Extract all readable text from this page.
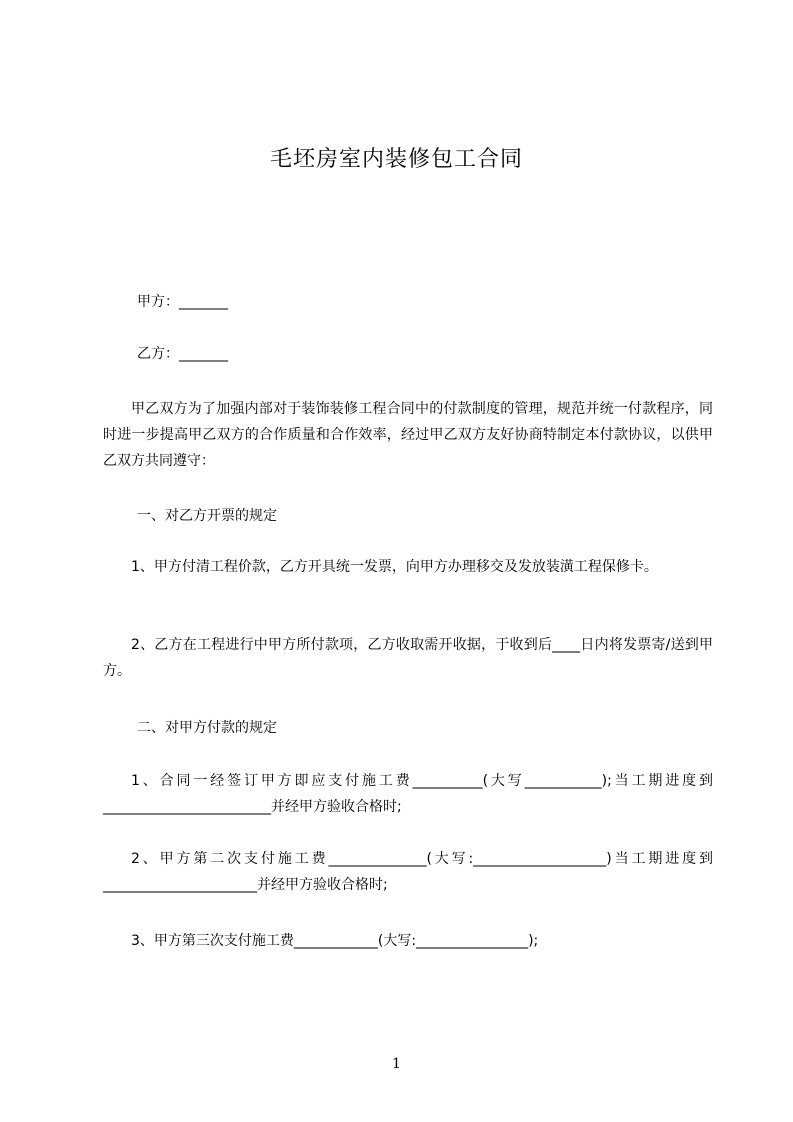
毛坯房室内装修包工合同
甲方：_______
乙方：_______
甲乙双方为了加强内部对于装饰装修工程合同中的付款制度的管理，规范并统一付款程序，同时进一步提高甲乙双方的合作质量和合作效率，经过甲乙双方友好协商特制定本付款协议，以供甲乙双方共同遵守：
一、对乙方开票的规定
1、甲方付清工程价款，乙方开具统一发票，向甲方办理移交及发放装潢工程保修卡。
2、乙方在工程进行中甲方所付款项，乙方收取需开收据，于收到后____日内将发票寄/送到甲方。
二、对甲方付款的规定
1、合同一经签订甲方即应支付施工费__________(大写___________);当工期进度到________________________并经甲方验收合格时;
2、甲方第二次支付施工费______________(大写:___________________)当工期进度到______________________并经甲方验收合格时;
3、甲方第三次支付施工费____________(大写:________________);
1
